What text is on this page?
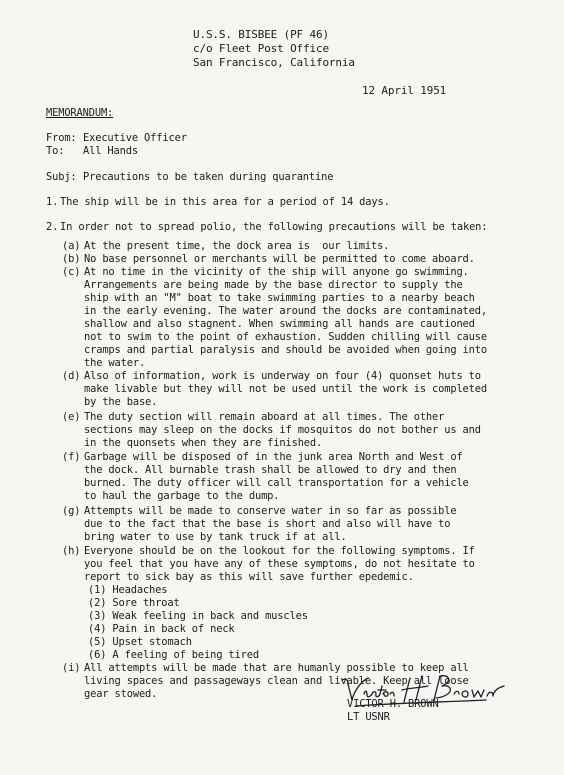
U.S.S. BISBEE (PF 46)
c/o Fleet Post Office
San Francisco, California
12 April 1951
MEMORANDUM:
From: Executive Officer
To: All Hands
Subj: Precautions to be taken during quarantine
1. The ship will be in this area for a period of 14 days.
2. In order not to spread polio, the following precautions will be taken:
(a) At the present time, the dock area is  our limits.
(b) No base personnel or merchants will be permitted to come aboard.
(c) At no time in the vicinity of the ship will anyone go swimming.
Arrangements are being made by the base director to supply the
ship with an "M" boat to take swimming parties to a nearby beach
in the early evening. The water around the docks are contaminated,
shallow and also stagnent. When swimming all hands are cautioned
not to swim to the point of exhaustion. Sudden chilling will cause
cramps and partial paralysis and should be avoided when going into
the water.
(d) Also of information, work is underway on four (4) quonset huts to
make livable but they will not be used until the work is completed
by the base.
(e) The duty section will remain aboard at all times. The other
sections may sleep on the docks if mosquitos do not bother us and
in the quonsets when they are finished.
(f) Garbage will be disposed of in the junk area North and West of
the dock. All burnable trash shall be allowed to dry and then
burned. The duty officer will call transportation for a vehicle
to haul the garbage to the dump.
(g) Attempts will be made to conserve water in so far as possible
due to the fact that the base is short and also will have to
bring water to use by tank truck if at all.
(h) Everyone should be on the lookout for the following symptoms. If
you feel that you have any of these symptoms, do not hesitate to
report to sick bay as this will save further epedemic.
(1) Headaches
(2) Sore throat
(3) Weak feeling in back and muscles
(4) Pain in back of neck
(5) Upset stomach
(6) A feeling of being tired
(i) All attempts will be made that are humanly possible to keep all
living spaces and passageways clean and livable. Keep all loose
gear stowed.
VICTOR H. BROWN
LT USNR
